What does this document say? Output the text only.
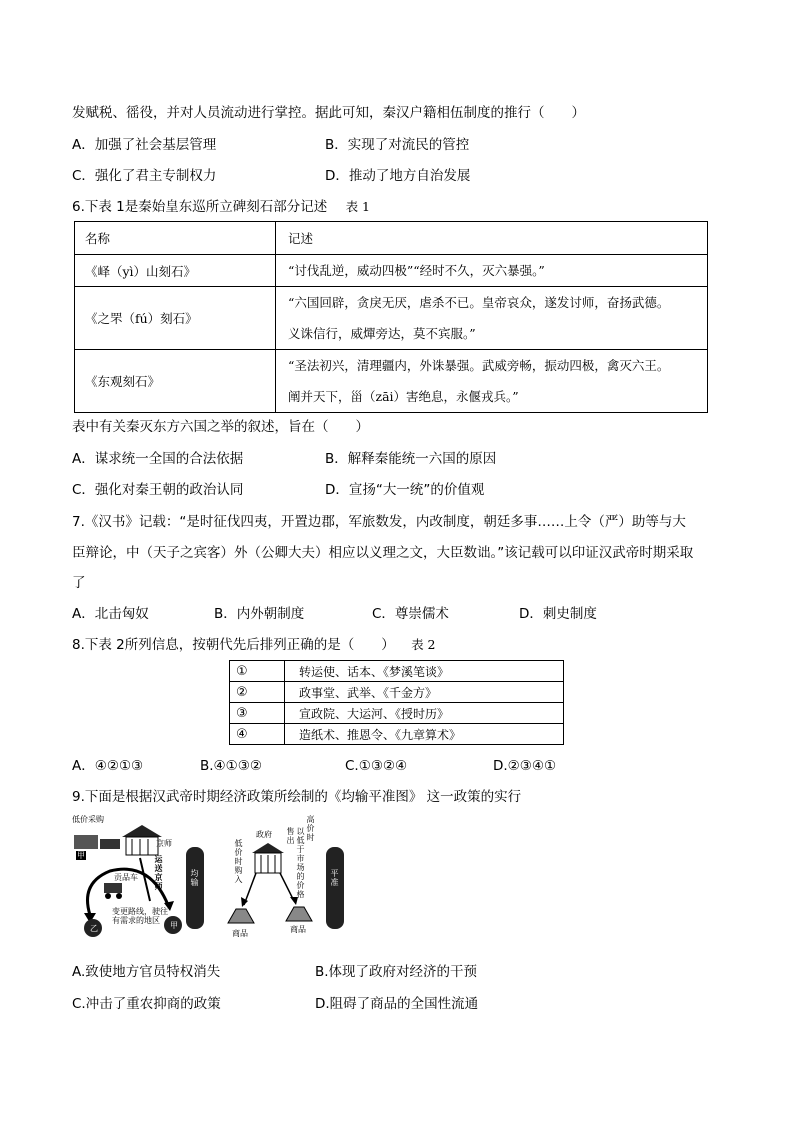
发赋税、徭役，并对人员流动进行掌控。据此可知，秦汉户籍相伍制度的推行（　　）
A．加强了社会基层管理	B．实现了对流民的管控
C．强化了君主专制权力	D．推动了地方自治发展
6.下表 1是秦始皇东巡所立碑刻石部分记述 表 1
名称	记述
《峄（yì）山刻石》	“讨伐乱逆，威动四极”“经时不久，灭六暴强。”
《之罘（fú）刻石》	“六国回辟，贪戾无厌，虐杀不已。皇帝哀众，遂发讨师，奋扬武德。
义诛信行，威燀旁达，莫不宾服。”

《东观刻石》	“圣法初兴，清理疆内，外诛暴强。武威旁畅，振动四极，禽灭六王。
阐并天下，甾（zāi）害绝息，永偃戎兵。”
表中有关秦灭东方六国之举的叙述，旨在（　　）
A．谋求统一全国的合法依据	B．解释秦能统一六国的原因
C．强化对秦王朝的政治认同	D．宣扬“大一统”的价值观
7.《汉书》记载：“是时征伐四夷，开置边郡，军旅数发，内改制度，朝廷多事……上令（严）助等与大
臣辩论，中（天子之宾客）外（公卿大夫）相应以义理之文，大臣数诎。”该记载可以印证汉武帝时期采取
了
A．北击匈奴	B．内外朝制度	C．尊崇儒术	D．刺史制度
8.下表 2所列信息，按朝代先后排列正确的是（　　） 表 2
①	转运使、话本、《梦溪笔谈》
②	政事堂、武举、《千金方》
③	宣政院、大运河、《授时历》
④	造纸术、推恩令、《九章算术》
A．④②①③	B.④①③②	C.①③②④	D.②③④①
9.下面是根据汉武帝时期经济政策所绘制的《均输平准图》 这一政策的实行
低价采购
甲
京师
贡品车
运送京师
变更路线，驶往有需求的地区
乙	甲
均输
政府
低价时购入
售出
以低于市场的价格
高价时
商品	商品
平准
A.致使地方官员特权消失	B.体现了政府对经济的干预
C.冲击了重农抑商的政策	D.阻碍了商品的全国性流通
